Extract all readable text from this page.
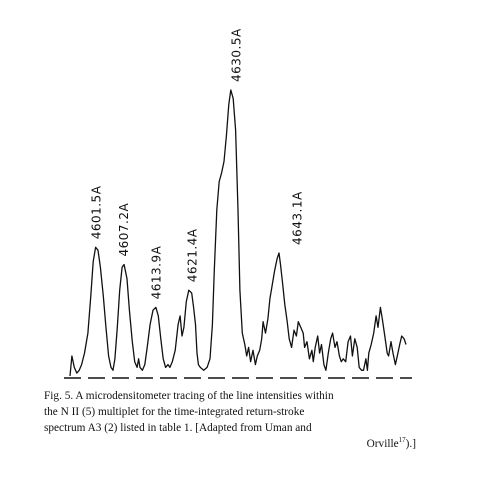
4601.5A 4607.2A
4613.9A 4621.4A
4630.5A
4643.1A
Fig. 5. A microdensitometer tracing of the line intensities within
the N II (5) multiplet for the time-integrated return-stroke
spectrum A3 (2) listed in table 1. [Adapted from Uman and
Orville$^{17}$).]
